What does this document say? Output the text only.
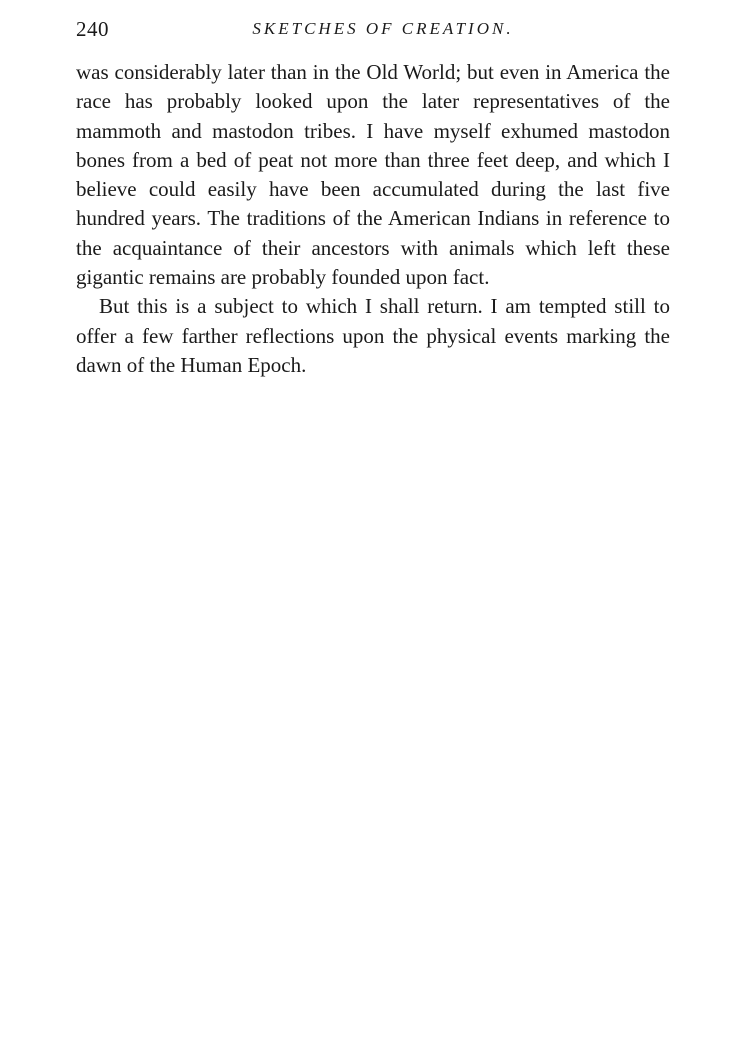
240	SKETCHES OF CREATION.

was considerably later than in the Old World; but even in America the race has probably looked upon the later representatives of the mammoth and mastodon tribes. I have myself exhumed mastodon bones from a bed of peat not more than three feet deep, and which I believe could easily have been accumulated during the last five hundred years. The traditions of the American Indians in reference to the acquaintance of their ancestors with animals which left these gigantic remains are probably founded upon fact.

But this is a subject to which I shall return. I am tempted still to offer a few farther reflections upon the physical events marking the dawn of the Human Epoch.
